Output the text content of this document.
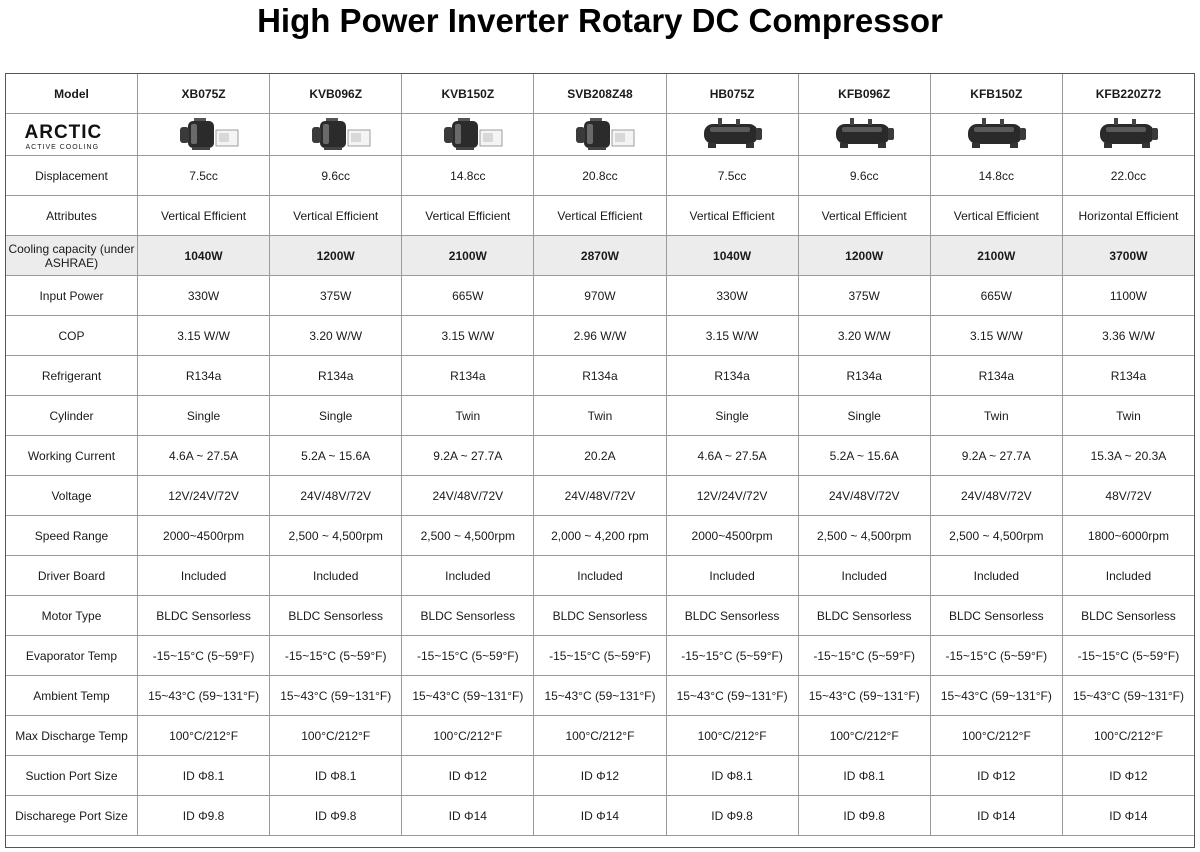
High Power Inverter Rotary DC Compressor
Model	XB075Z	KVB096Z	KVB150Z	SVB208Z48	HB075Z	KFB096Z	KFB150Z	KFB220Z72

ARCTIC
ACTIVE COOLING

Displacement	7.5cc	9.6cc	14.8cc	20.8cc	7.5cc	9.6cc	14.8cc	22.0cc
Attributes	Vertical Efficient	Vertical Efficient	Vertical Efficient	Vertical Efficient	Vertical Efficient	Vertical Efficient	Vertical Efficient	Horizontal Efficient
Cooling capacity (under ASHRAE)	1040W	1200W	2100W	2870W	1040W	1200W	2100W	3700W
Input Power	330W	375W	665W	970W	330W	375W	665W	1100W
COP	3.15 W/W	3.20 W/W	3.15 W/W	2.96 W/W	3.15 W/W	3.20 W/W	3.15 W/W	3.36 W/W
Refrigerant	R134a	R134a	R134a	R134a	R134a	R134a	R134a	R134a
Cylinder	Single	Single	Twin	Twin	Single	Single	Twin	Twin
Working Current	4.6A ~ 27.5A	5.2A ~ 15.6A	9.2A ~ 27.7A	20.2A	4.6A ~ 27.5A	5.2A ~ 15.6A	9.2A ~ 27.7A	15.3A ~ 20.3A
Voltage	12V/24V/72V	24V/48V/72V	24V/48V/72V	24V/48V/72V	12V/24V/72V	24V/48V/72V	24V/48V/72V	48V/72V
Speed Range	2000~4500rpm	2,500 ~ 4,500rpm	2,500 ~ 4,500rpm	2,000 ~ 4,200 rpm	2000~4500rpm	2,500 ~ 4,500rpm	2,500 ~ 4,500rpm	1800~6000rpm
Driver Board	Included	Included	Included	Included	Included	Included	Included	Included
Motor Type	BLDC Sensorless	BLDC Sensorless	BLDC Sensorless	BLDC Sensorless	BLDC Sensorless	BLDC Sensorless	BLDC Sensorless	BLDC Sensorless
Evaporator Temp	-15~15°C (5~59°F)	-15~15°C (5~59°F)	-15~15°C (5~59°F)	-15~15°C (5~59°F)	-15~15°C (5~59°F)	-15~15°C (5~59°F)	-15~15°C (5~59°F)	-15~15°C (5~59°F)
Ambient Temp	15~43°C (59~131°F)	15~43°C (59~131°F)	15~43°C (59~131°F)	15~43°C (59~131°F)	15~43°C (59~131°F)	15~43°C (59~131°F)	15~43°C (59~131°F)	15~43°C (59~131°F)
Max Discharge Temp	100°C/212°F	100°C/212°F	100°C/212°F	100°C/212°F	100°C/212°F	100°C/212°F	100°C/212°F	100°C/212°F
Suction Port Size	ID Φ8.1	ID Φ8.1	ID Φ12	ID Φ12	ID Φ8.1	ID Φ8.1	ID Φ12	ID Φ12
Discharege Port Size	ID Φ9.8	ID Φ9.8	ID Φ14	ID Φ14	ID Φ9.8	ID Φ9.8	ID Φ14	ID Φ14
